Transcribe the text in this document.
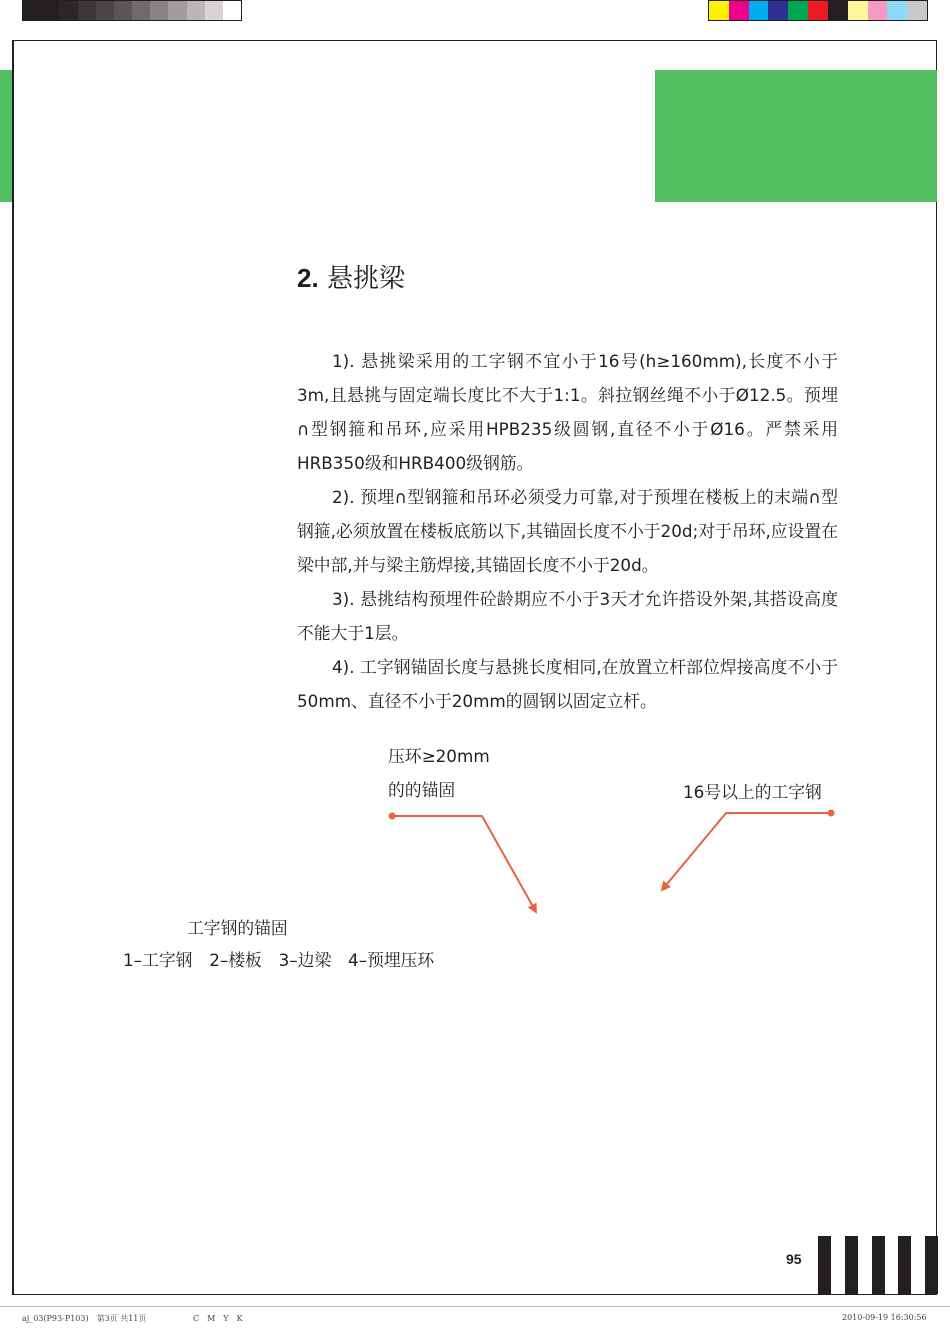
2. 悬挑梁

1). 悬挑梁采用的工字钢不宜小于16号(h≥160mm),长度不小于3m,且悬挑与固定端长度比不大于1:1。斜拉钢丝绳不小于Ø12.5。预埋∩型钢箍和吊环,应采用HPB235级圆钢,直径不小于Ø16。严禁采用HRB350级和HRB400级钢筋。

2). 预埋∩型钢箍和吊环必须受力可靠,对于预埋在楼板上的末端∩型钢箍,必须放置在楼板底筋以下,其锚固长度不小于20d;对于吊环,应设置在梁中部,并与梁主筋焊接,其锚固长度不小于20d。

3). 悬挑结构预埋件砼龄期应不小于3天才允许搭设外架,其搭设高度不能大于1层。

4). 工字钢锚固长度与悬挑长度相同,在放置立杆部位焊接高度不小于50mm、直径不小于20mm的圆钢以固定立杆。

压环≥20mm
的的锚固	16号以上的工字钢
工字钢的锚固
1–工字钢　2–楼板　3–边梁　4–预埋压环
95
aj_03(P93-P103)　第3页 共11页	C　M　Y　K	2010-09-19 16:30:56
